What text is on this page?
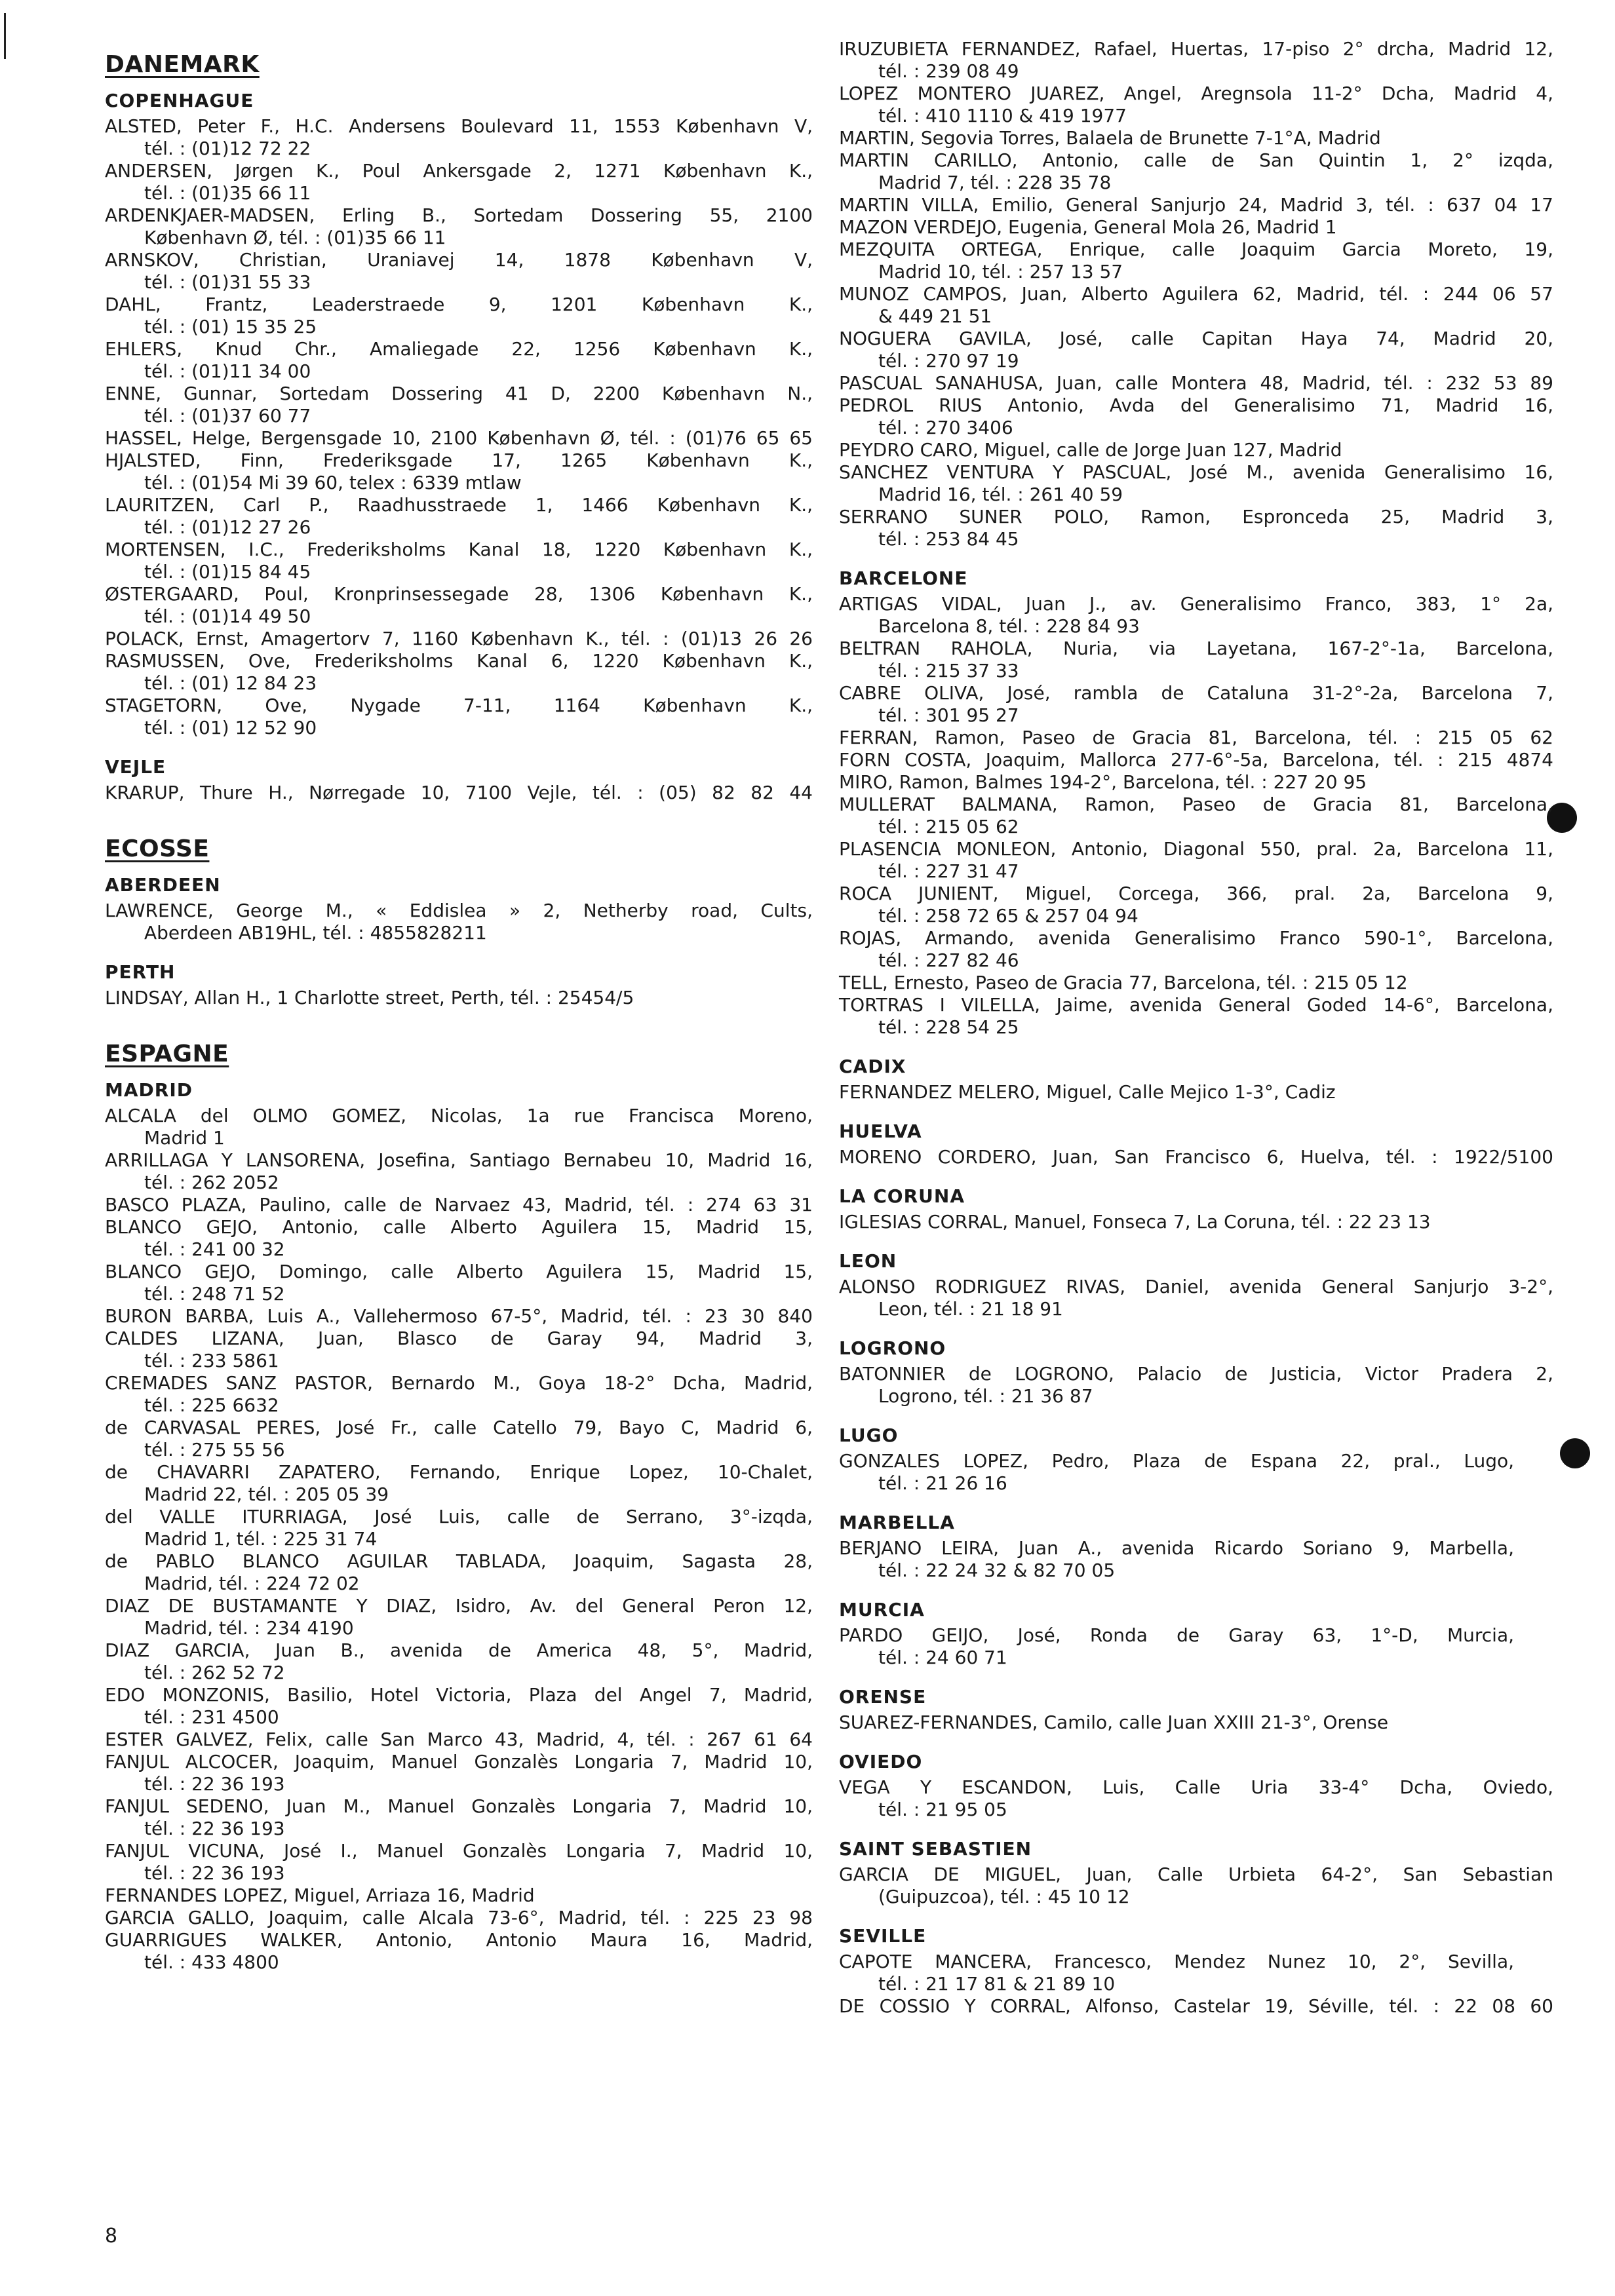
DANEMARK
COPENHAGUE
ALSTED, Peter F., H.C. Andersens Boulevard 11, 1553 København V,
tél. : (01)12 72 22
ANDERSEN, Jørgen K., Poul Ankersgade 2, 1271 København K.,
tél. : (01)35 66 11
ARDENKJAER-MADSEN, Erling B., Sortedam Dossering 55, 2100
København Ø, tél. : (01)35 66 11
ARNSKOV, Christian, Uraniavej 14, 1878 København V,
tél. : (01)31 55 33
DAHL, Frantz, Leaderstraede 9, 1201 København K.,
tél. : (01) 15 35 25
EHLERS, Knud Chr., Amaliegade 22, 1256 København K.,
tél. : (01)11 34 00
ENNE, Gunnar, Sortedam Dossering 41 D, 2200 København N.,
tél. : (01)37 60 77
HASSEL, Helge, Bergensgade 10, 2100 København Ø, tél. : (01)76 65 65
HJALSTED, Finn, Frederiksgade 17, 1265 København K.,
tél. : (01)54 Mi 39 60, telex : 6339 mtlaw
LAURITZEN, Carl P., Raadhusstraede 1, 1466 København K.,
tél. : (01)12 27 26
MORTENSEN, I.C., Frederiksholms Kanal 18, 1220 København K.,
tél. : (01)15 84 45
ØSTERGAARD, Poul, Kronprinsessegade 28, 1306 København K.,
tél. : (01)14 49 50
POLACK, Ernst, Amagertorv 7, 1160 København K., tél. : (01)13 26 26
RASMUSSEN, Ove, Frederiksholms Kanal 6, 1220 København K.,
tél. : (01) 12 84 23
STAGETORN, Ove, Nygade 7-11, 1164 København K.,
tél. : (01) 12 52 90
VEJLE
KRARUP, Thure H., Nørregade 10, 7100 Vejle, tél. : (05) 82 82 44
ECOSSE
ABERDEEN
LAWRENCE, George M., « Eddislea » 2, Netherby road, Cults,
Aberdeen AB19HL, tél. : 4855828211
PERTH
LINDSAY, Allan H., 1 Charlotte street, Perth, tél. : 25454/5
ESPAGNE
MADRID
ALCALA del OLMO GOMEZ, Nicolas, 1a rue Francisca Moreno,
Madrid 1
ARRILLAGA Y LANSORENA, Josefina, Santiago Bernabeu 10, Madrid 16,
tél. : 262 2052
BASCO PLAZA, Paulino, calle de Narvaez 43, Madrid, tél. : 274 63 31
BLANCO GEJO, Antonio, calle Alberto Aguilera 15, Madrid 15,
tél. : 241 00 32
BLANCO GEJO, Domingo, calle Alberto Aguilera 15, Madrid 15,
tél. : 248 71 52
BURON BARBA, Luis A., Vallehermoso 67-5°, Madrid, tél. : 23 30 840
CALDES LIZANA, Juan, Blasco de Garay 94, Madrid 3,
tél. : 233 5861
CREMADES SANZ PASTOR, Bernardo M., Goya 18-2° Dcha, Madrid,
tél. : 225 6632
de CARVASAL PERES, José Fr., calle Catello 79, Bayo C, Madrid 6,
tél. : 275 55 56
de CHAVARRI ZAPATERO, Fernando, Enrique Lopez, 10-Chalet,
Madrid 22, tél. : 205 05 39
del VALLE ITURRIAGA, José Luis, calle de Serrano, 3°-izqda,
Madrid 1, tél. : 225 31 74
de PABLO BLANCO AGUILAR TABLADA, Joaquim, Sagasta 28,
Madrid, tél. : 224 72 02
DIAZ DE BUSTAMANTE Y DIAZ, Isidro, Av. del General Peron 12,
Madrid, tél. : 234 4190
DIAZ GARCIA, Juan B., avenida de America 48, 5°, Madrid,
tél. : 262 52 72
EDO MONZONIS, Basilio, Hotel Victoria, Plaza del Angel 7, Madrid,
tél. : 231 4500
ESTER GALVEZ, Felix, calle San Marco 43, Madrid, 4, tél. : 267 61 64
FANJUL ALCOCER, Joaquim, Manuel Gonzalès Longaria 7, Madrid 10,
tél. : 22 36 193
FANJUL SEDENO, Juan M., Manuel Gonzalès Longaria 7, Madrid 10,
tél. : 22 36 193
FANJUL VICUNA, José I., Manuel Gonzalès Longaria 7, Madrid 10,
tél. : 22 36 193
FERNANDES LOPEZ, Miguel, Arriaza 16, Madrid
GARCIA GALLO, Joaquim, calle Alcala 73-6°, Madrid, tél. : 225 23 98
GUARRIGUES WALKER, Antonio, Antonio Maura 16, Madrid,
tél. : 433 4800
IRUZUBIETA FERNANDEZ, Rafael, Huertas, 17-piso 2° drcha, Madrid 12,
tél. : 239 08 49
LOPEZ MONTERO JUAREZ, Angel, Aregnsola 11-2° Dcha, Madrid 4,
tél. : 410 1110 & 419 1977
MARTIN, Segovia Torres, Balaela de Brunette 7-1°A, Madrid
MARTIN CARILLO, Antonio, calle de San Quintin 1, 2° izqda,
Madrid 7, tél. : 228 35 78
MARTIN VILLA, Emilio, General Sanjurjo 24, Madrid 3, tél. : 637 04 17
MAZON VERDEJO, Eugenia, General Mola 26, Madrid 1
MEZQUITA ORTEGA, Enrique, calle Joaquim Garcia Moreto, 19,
Madrid 10, tél. : 257 13 57
MUNOZ CAMPOS, Juan, Alberto Aguilera 62, Madrid, tél. : 244 06 57
& 449 21 51
NOGUERA GAVILA, José, calle Capitan Haya 74, Madrid 20,
tél. : 270 97 19
PASCUAL SANAHUSA, Juan, calle Montera 48, Madrid, tél. : 232 53 89
PEDROL RIUS Antonio, Avda del Generalisimo 71, Madrid 16,
tél. : 270 3406
PEYDRO CARO, Miguel, calle de Jorge Juan 127, Madrid
SANCHEZ VENTURA Y PASCUAL, José M., avenida Generalisimo 16,
Madrid 16, tél. : 261 40 59
SERRANO SUNER POLO, Ramon, Espronceda 25, Madrid 3,
tél. : 253 84 45
BARCELONE
ARTIGAS VIDAL, Juan J., av. Generalisimo Franco, 383, 1° 2a,
Barcelona 8, tél. : 228 84 93
BELTRAN RAHOLA, Nuria, via Layetana, 167-2°-1a, Barcelona,
tél. : 215 37 33
CABRE OLIVA, José, rambla de Cataluna 31-2°-2a, Barcelona 7,
tél. : 301 95 27
FERRAN, Ramon, Paseo de Gracia 81, Barcelona, tél. : 215 05 62
FORN COSTA, Joaquim, Mallorca 277-6°-5a, Barcelona, tél. : 215 4874
MIRO, Ramon, Balmes 194-2°, Barcelona, tél. : 227 20 95
MULLERAT BALMANA, Ramon, Paseo de Gracia 81, Barcelona,
tél. : 215 05 62
PLASENCIA MONLEON, Antonio, Diagonal 550, pral. 2a, Barcelona 11,
tél. : 227 31 47
ROCA JUNIENT, Miguel, Corcega, 366, pral. 2a, Barcelona 9,
tél. : 258 72 65 & 257 04 94
ROJAS, Armando, avenida Generalisimo Franco 590-1°, Barcelona,
tél. : 227 82 46
TELL, Ernesto, Paseo de Gracia 77, Barcelona, tél. : 215 05 12
TORTRAS I VILELLA, Jaime, avenida General Goded 14-6°, Barcelona,
tél. : 228 54 25
CADIX
FERNANDEZ MELERO, Miguel, Calle Mejico 1-3°, Cadiz
HUELVA
MORENO CORDERO, Juan, San Francisco 6, Huelva, tél. : 1922/5100
LA CORUNA
IGLESIAS CORRAL, Manuel, Fonseca 7, La Coruna, tél. : 22 23 13
LEON
ALONSO RODRIGUEZ RIVAS, Daniel, avenida General Sanjurjo 3-2°,
Leon, tél. : 21 18 91
LOGRONO
BATONNIER de LOGRONO, Palacio de Justicia, Victor Pradera 2,
Logrono, tél. : 21 36 87
LUGO
GONZALES LOPEZ, Pedro, Plaza de Espana 22, pral., Lugo,
tél. : 21 26 16
MARBELLA
BERJANO LEIRA, Juan A., avenida Ricardo Soriano 9, Marbella,
tél. : 22 24 32 & 82 70 05
MURCIA
PARDO GEIJO, José, Ronda de Garay 63, 1°-D, Murcia,
tél. : 24 60 71
ORENSE
SUAREZ-FERNANDES, Camilo, calle Juan XXIII 21-3°, Orense
OVIEDO
VEGA Y ESCANDON, Luis, Calle Uria 33-4° Dcha, Oviedo,
tél. : 21 95 05
SAINT SEBASTIEN
GARCIA DE MIGUEL, Juan, Calle Urbieta 64-2°, San Sebastian
(Guipuzcoa), tél. : 45 10 12
SEVILLE
CAPOTE MANCERA, Francesco, Mendez Nunez 10, 2°, Sevilla,
tél. : 21 17 81 & 21 89 10
DE COSSIO Y CORRAL, Alfonso, Castelar 19, Séville, tél. : 22 08 60
8
